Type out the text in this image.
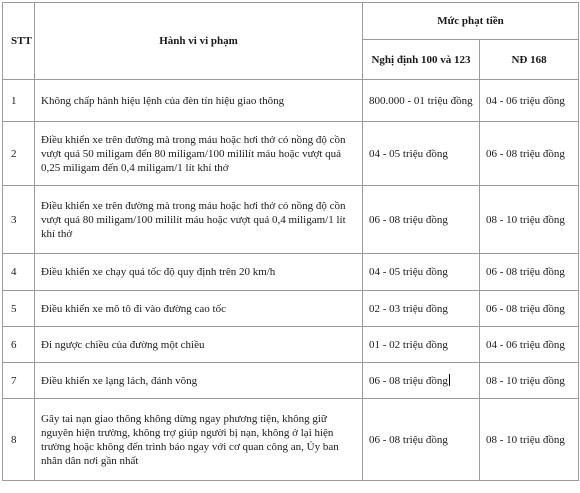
STT	Hành vi vi phạm	Mức phạt tiền	
		Nghị định 100 và 123	NĐ 168
1	Không chấp hành hiệu lệnh của đèn tín hiệu giao thông	800.000 - 01 triệu đồng	04 - 06 triệu đồng
2	Điều khiển xe trên đường mà trong máu hoặc hơi thở có nồng độ cồn vượt quá 50 miligam đến 80 miligam/100 mililít máu hoặc vượt quá 0,25 miligam đến 0,4 miligam/1 lít khí thở	04 - 05 triệu đồng	06 - 08 triệu đồng
3	Điều khiển xe trên đường mà trong máu hoặc hơi thở có nồng độ cồn vượt quá 80 miligam/100 mililít máu hoặc vượt quá 0,4 miligam/1 lít khí thở	06 - 08 triệu đồng	08 - 10 triệu đồng
4	Điều khiển xe chạy quá tốc độ quy định trên 20 km/h	04 - 05 triệu đồng	06 - 08 triệu đồng
5	Điều khiển xe mô tô đi vào đường cao tốc	02 - 03 triệu đồng	06 - 08 triệu đồng
6	Đi ngược chiều của đường một chiều	01 - 02 triệu đồng	04 - 06 triệu đồng
7	Điều khiển xe lạng lách, đánh võng	06 - 08 triệu đồng	08 - 10 triệu đồng
8	Gây tai nạn giao thông không dừng ngay phương tiện, không giữ nguyên hiện trường, không trợ giúp người bị nạn, không ở lại hiện trường hoặc không đến trình báo ngay với cơ quan công an, Ủy ban nhân dân nơi gần nhất	06 - 08 triệu đồng	08 - 10 triệu đồng
